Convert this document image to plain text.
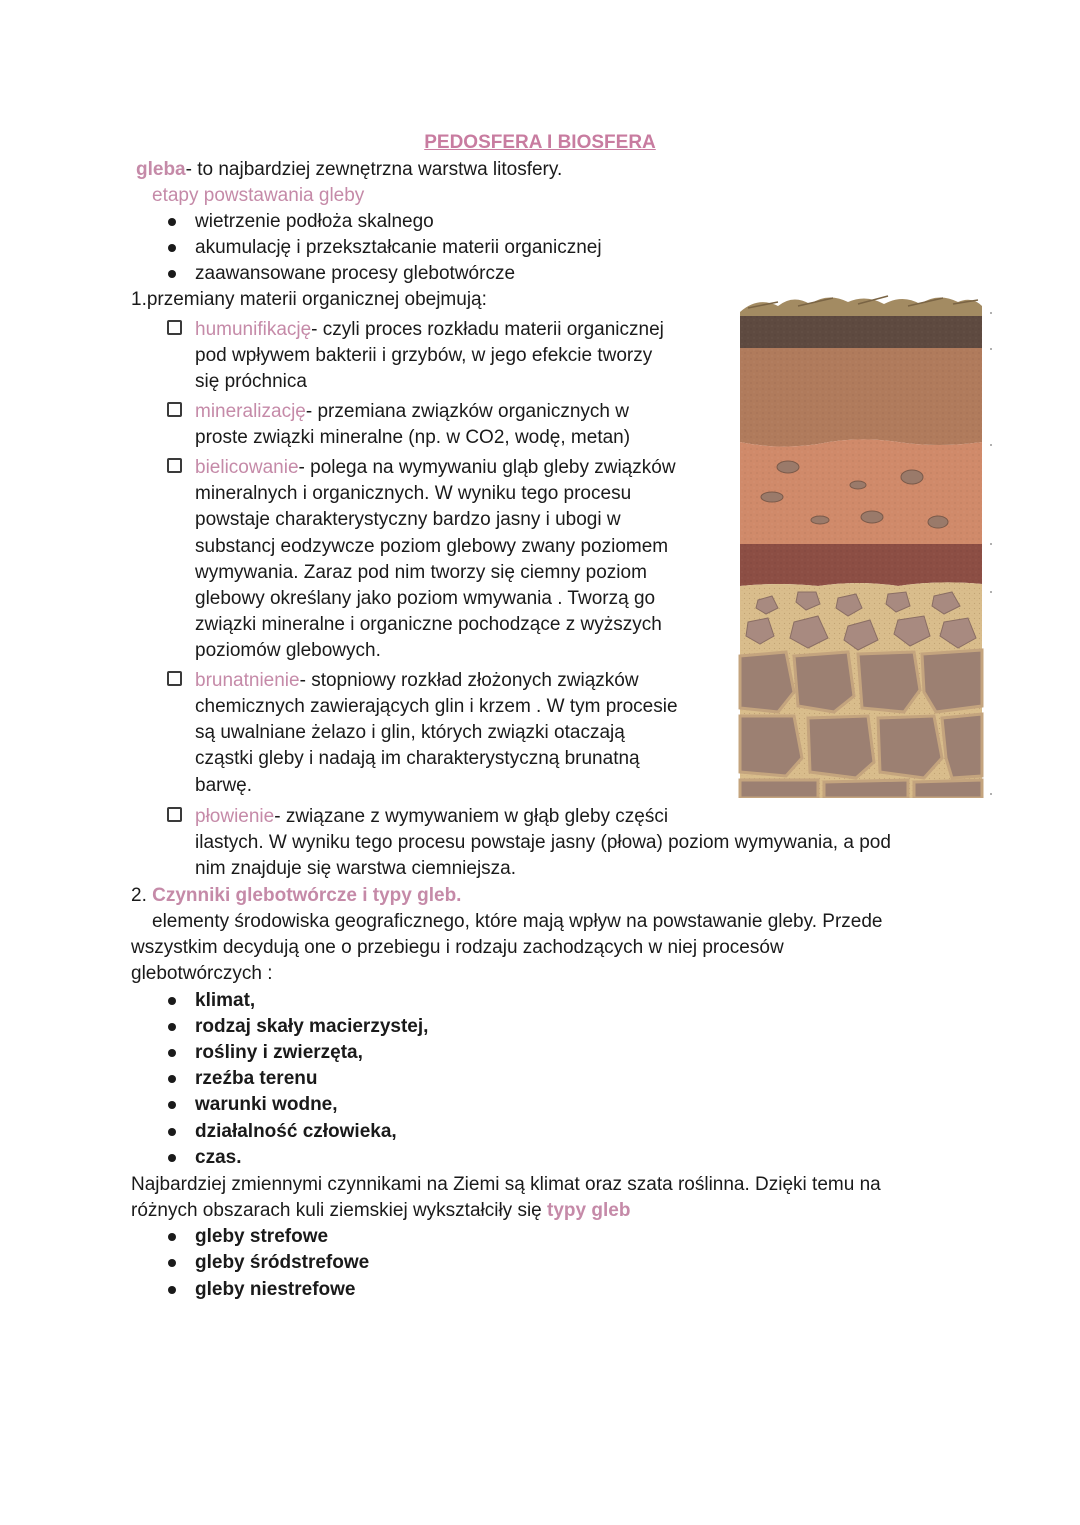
PEDOSFERA I BIOSFERA
gleba- to najbardziej zewnętrzna warstwa litosfery.
etapy powstawania gleby
wietrzenie podłoża skalnego
akumulację i przekształcanie materii organicznej
zaawansowane procesy glebotwórcze
1.przemiany materii organicznej obejmują:
humunifikację- czyli proces rozkładu materii organicznej
pod wpływem bakterii i grzybów, w jego efekcie tworzy
się próchnica
mineralizację- przemiana związków organicznych w
proste związki mineralne (np. w CO2, wodę, metan)
bielicowanie- polega na wymywaniu gląb gleby związków
mineralnych i organicznych. W wyniku tego procesu
powstaje charakterystyczny bardzo jasny i ubogi w
substancj eodzywcze poziom glebowy zwany poziomem
wymywania. Zaraz pod nim tworzy się ciemny poziom
glebowy określany jako poziom wmywania . Tworzą go
związki mineralne i organiczne pochodzące z wyższych
poziomów glebowych.
brunatnienie- stopniowy rozkład złożonych związków
chemicznych zawierających glin i krzem . W tym procesie
są uwalniane żelazo i glin, których związki otaczają
cząstki gleby i nadają im charakterystyczną brunatną
barwę.
płowienie- związane z wymywaniem w głąb gleby części
ilastych. W wyniku tego procesu powstaje jasny (płowa) poziom wymywania, a pod
nim znajduje się warstwa ciemniejsza.
2. Czynniki glebotwórcze i typy gleb.
elementy środowiska geograficznego, które mają wpływ na powstawanie gleby. Przede
wszystkim decydują one o przebiegu i rodzaju zachodzących w niej procesów
glebotwórczych :
klimat,
rodzaj skały macierzystej,
rośliny i zwierzęta,
rzeźba terenu
warunki wodne,
działalność człowieka,
czas.
Najbardziej zmiennymi czynnikami na Ziemi są klimat oraz szata roślinna. Dzięki temu na
różnych obszarach kuli ziemskiej wykształciły się typy gleb
gleby strefowe
gleby śródstrefowe
gleby niestrefowe
